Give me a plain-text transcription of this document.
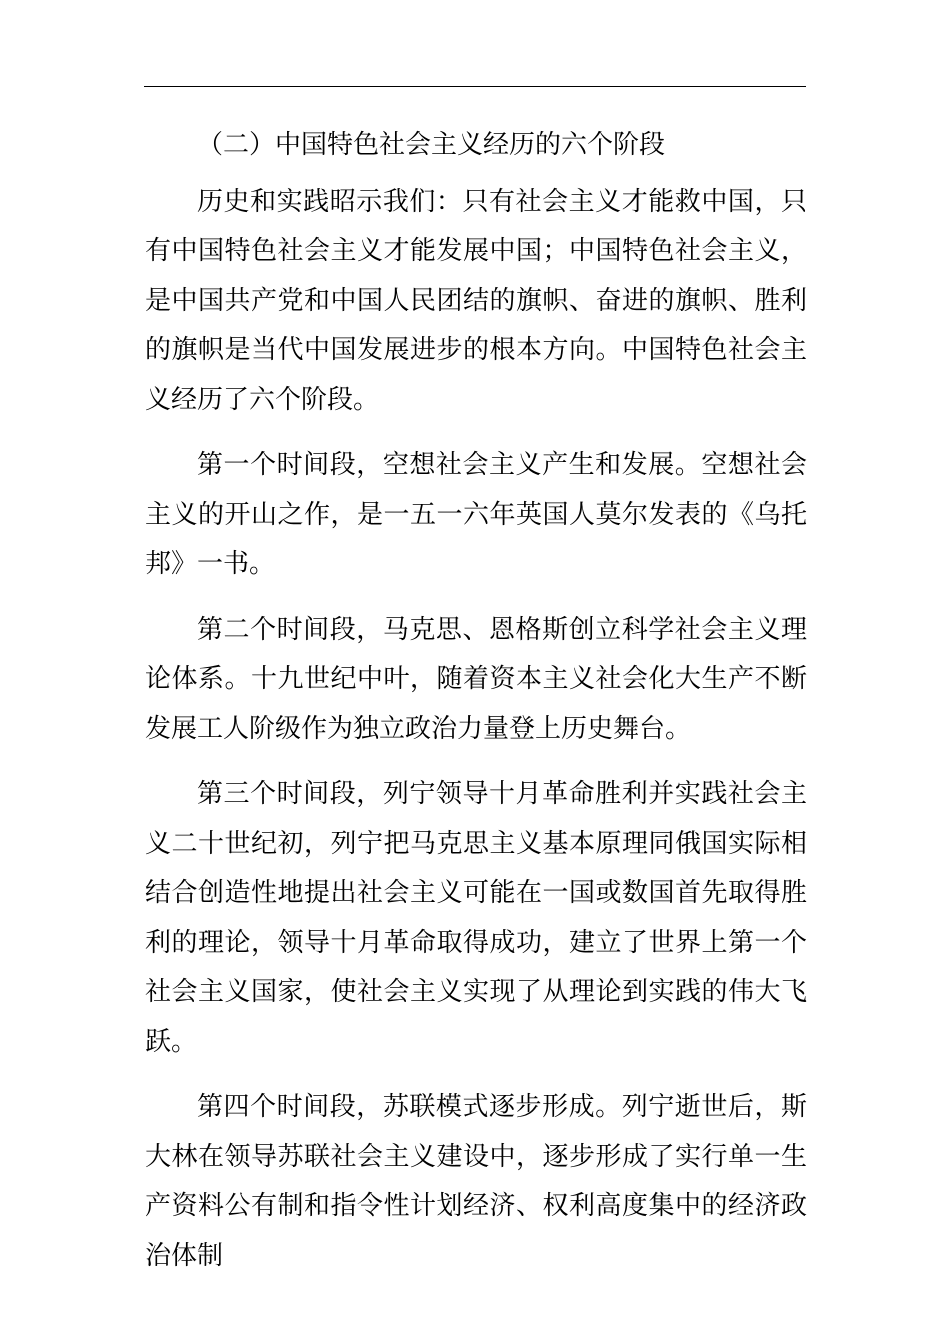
（二）中国特色社会主义经历的六个阶段

历史和实践昭示我们：只有社会主义才能救中国，只有中国特色社会主义才能发展中国；中国特色社会主义，是中国共产党和中国人民团结的旗帜、奋进的旗帜、胜利的旗帜是当代中国发展进步的根本方向。中国特色社会主义经历了六个阶段。

第一个时间段，空想社会主义产生和发展。空想社会主义的开山之作，是一五一六年英国人莫尔发表的《乌托邦》一书。

第二个时间段，马克思、恩格斯创立科学社会主义理论体系。十九世纪中叶，随着资本主义社会化大生产不断发展工人阶级作为独立政治力量登上历史舞台。

第三个时间段，列宁领导十月革命胜利并实践社会主义二十世纪初，列宁把马克思主义基本原理同俄国实际相结合创造性地提出社会主义可能在一国或数国首先取得胜利的理论，领导十月革命取得成功，建立了世界上第一个社会主义国家，使社会主义实现了从理论到实践的伟大飞跃。

第四个时间段，苏联模式逐步形成。列宁逝世后，斯大林在领导苏联社会主义建设中，逐步形成了实行单一生产资料公有制和指令性计划经济、权利高度集中的经济政治体制
